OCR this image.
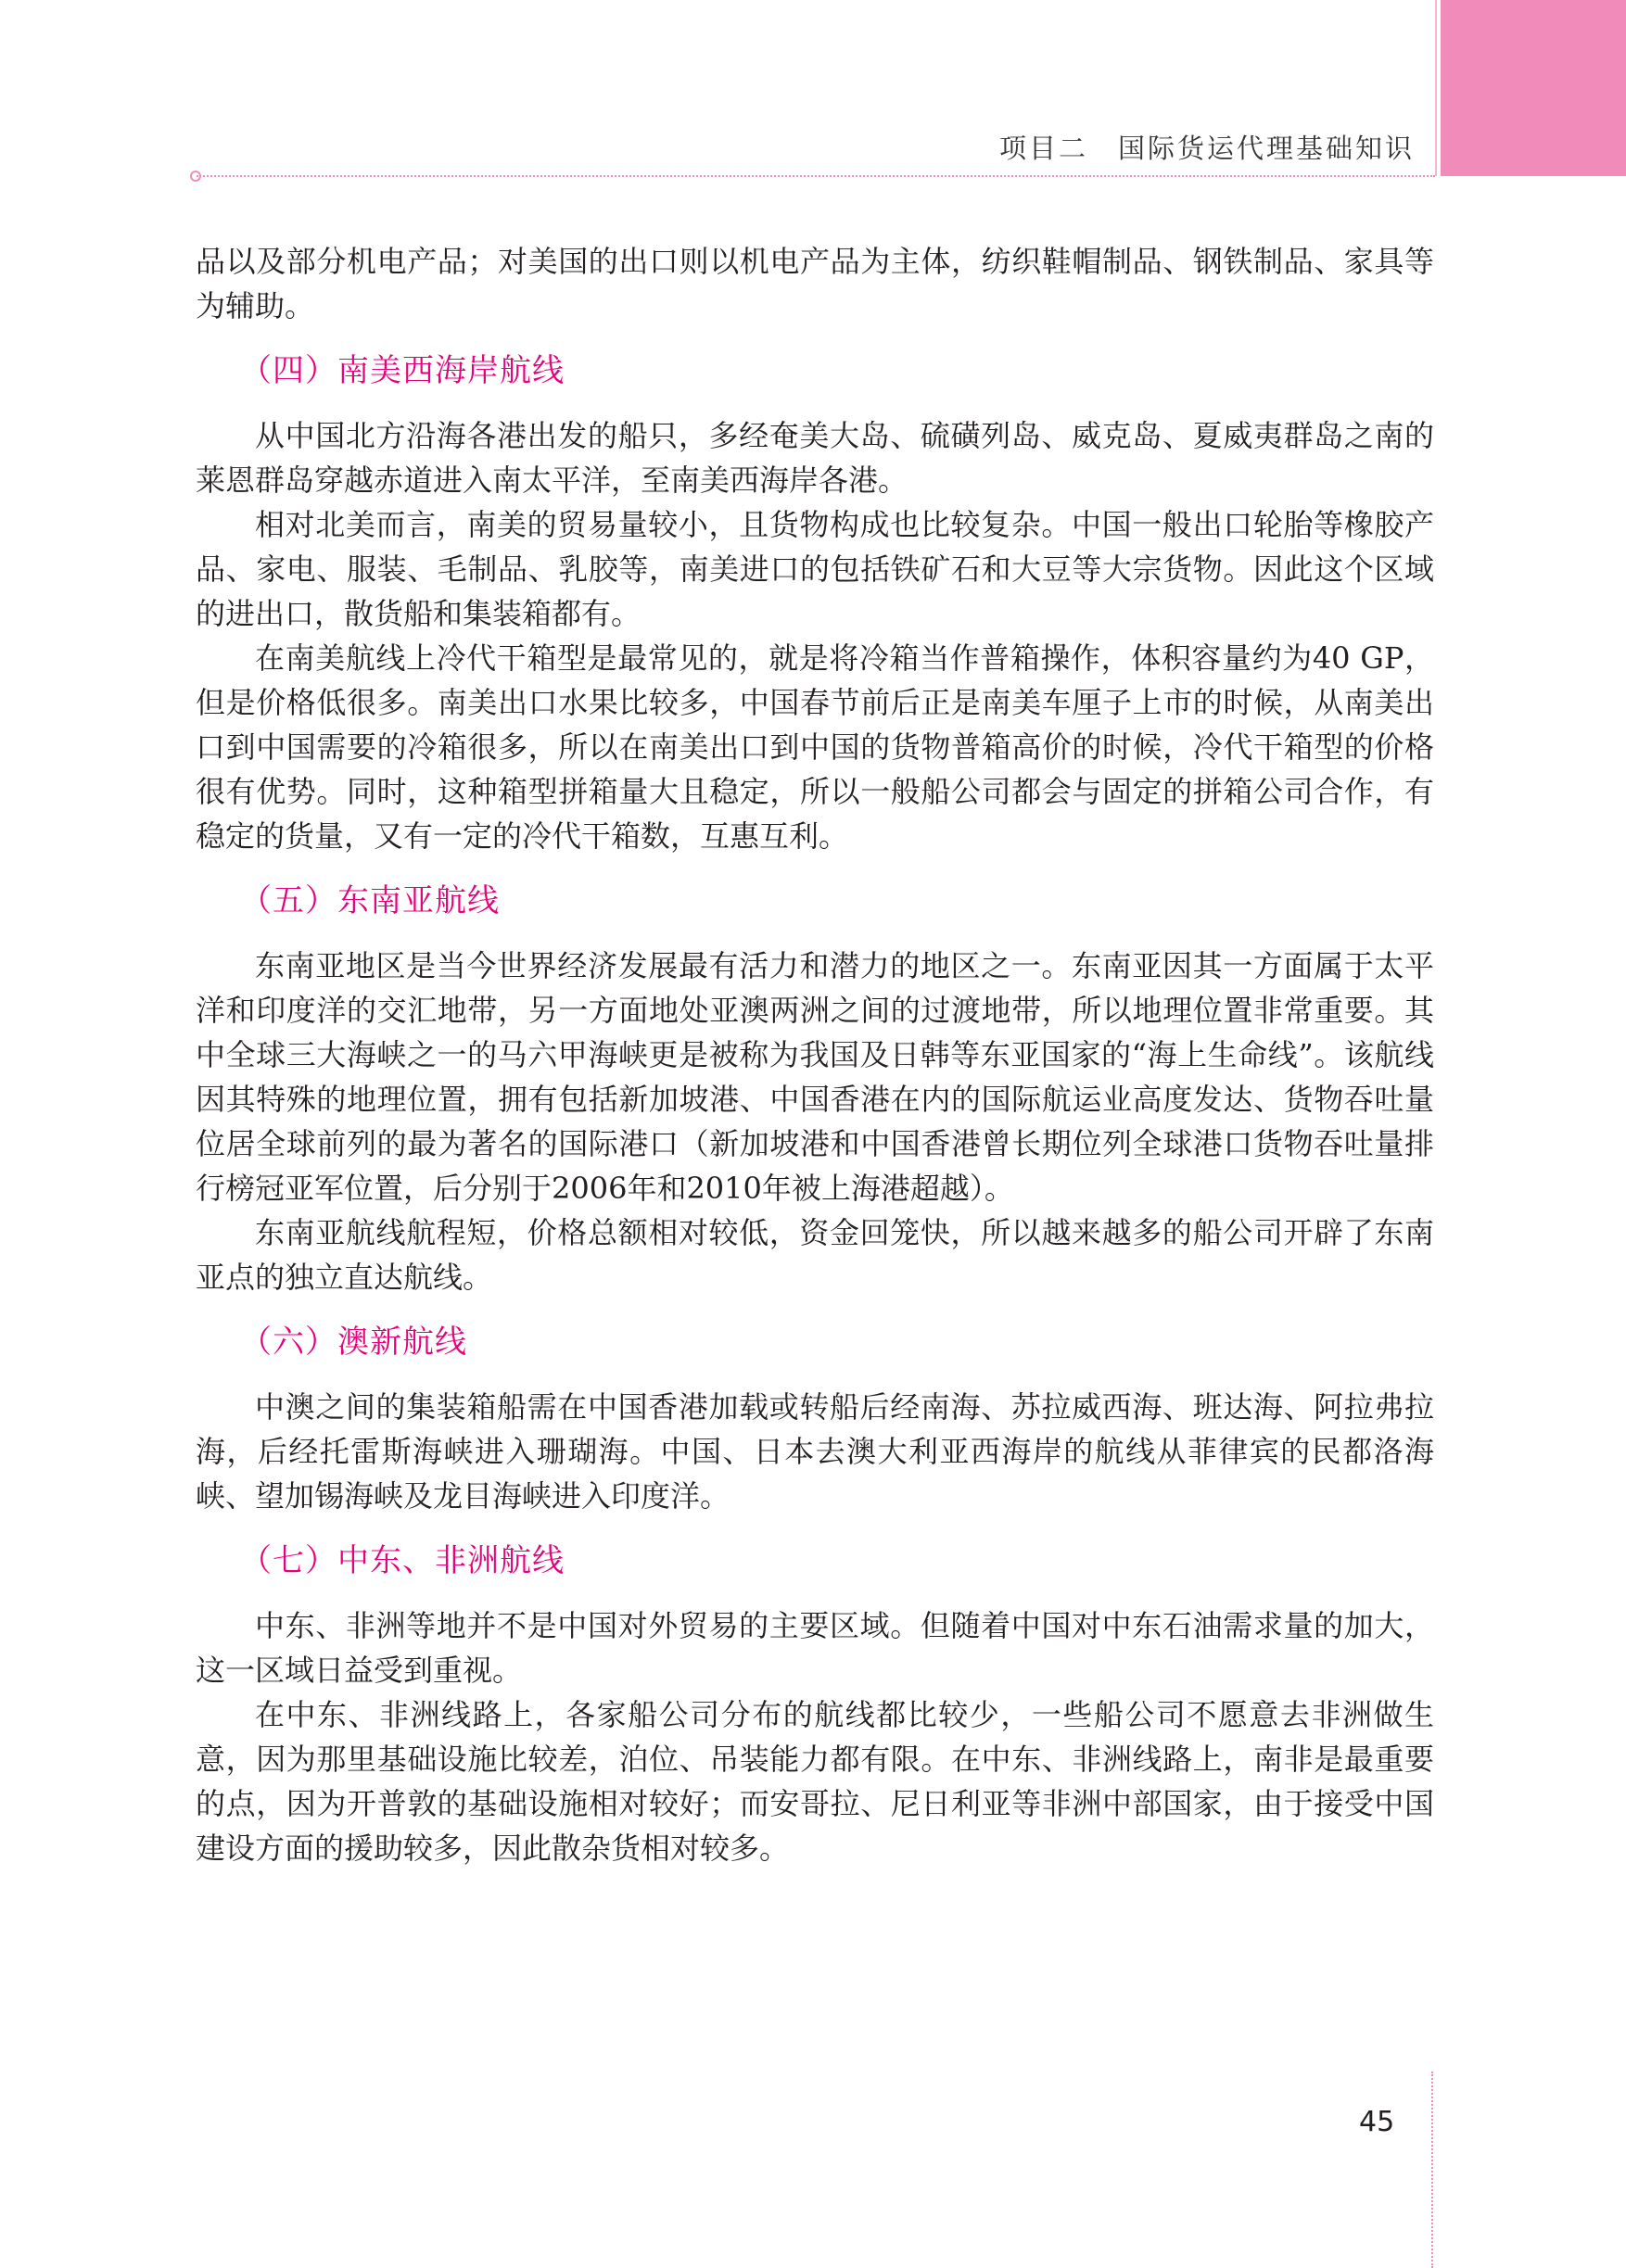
项目二　国际货运代理基础知识

品以及部分机电产品；对美国的出口则以机电产品为主体，纺织鞋帽制品、钢铁制品、家具等为辅助。

（四）南美西海岸航线

从中国北方沿海各港出发的船只，多经奄美大岛、硫磺列岛、威克岛、夏威夷群岛之南的莱恩群岛穿越赤道进入南太平洋，至南美西海岸各港。

相对北美而言，南美的贸易量较小，且货物构成也比较复杂。中国一般出口轮胎等橡胶产品、家电、服装、毛制品、乳胶等，南美进口的包括铁矿石和大豆等大宗货物。因此这个区域的进出口，散货船和集装箱都有。

在南美航线上冷代干箱型是最常见的，就是将冷箱当作普箱操作，体积容量约为40 GP，但是价格低很多。南美出口水果比较多，中国春节前后正是南美车厘子上市的时候，从南美出口到中国需要的冷箱很多，所以在南美出口到中国的货物普箱高价的时候，冷代干箱型的价格很有优势。同时，这种箱型拼箱量大且稳定，所以一般船公司都会与固定的拼箱公司合作，有稳定的货量，又有一定的冷代干箱数，互惠互利。

（五）东南亚航线

东南亚地区是当今世界经济发展最有活力和潜力的地区之一。东南亚因其一方面属于太平洋和印度洋的交汇地带，另一方面地处亚澳两洲之间的过渡地带，所以地理位置非常重要。其中全球三大海峡之一的马六甲海峡更是被称为我国及日韩等东亚国家的“海上生命线”。该航线因其特殊的地理位置，拥有包括新加坡港、中国香港在内的国际航运业高度发达、货物吞吐量位居全球前列的最为著名的国际港口（新加坡港和中国香港曾长期位列全球港口货物吞吐量排行榜冠亚军位置，后分别于2006年和2010年被上海港超越）。

东南亚航线航程短，价格总额相对较低，资金回笼快，所以越来越多的船公司开辟了东南亚点的独立直达航线。

（六）澳新航线

中澳之间的集装箱船需在中国香港加载或转船后经南海、苏拉威西海、班达海、阿拉弗拉海，后经托雷斯海峡进入珊瑚海。中国、日本去澳大利亚西海岸的航线从菲律宾的民都洛海峡、望加锡海峡及龙目海峡进入印度洋。

（七）中东、非洲航线

中东、非洲等地并不是中国对外贸易的主要区域。但随着中国对中东石油需求量的加大，这一区域日益受到重视。

在中东、非洲线路上，各家船公司分布的航线都比较少，一些船公司不愿意去非洲做生意，因为那里基础设施比较差，泊位、吊装能力都有限。在中东、非洲线路上，南非是最重要的点，因为开普敦的基础设施相对较好；而安哥拉、尼日利亚等非洲中部国家，由于接受中国建设方面的援助较多，因此散杂货相对较多。

45
